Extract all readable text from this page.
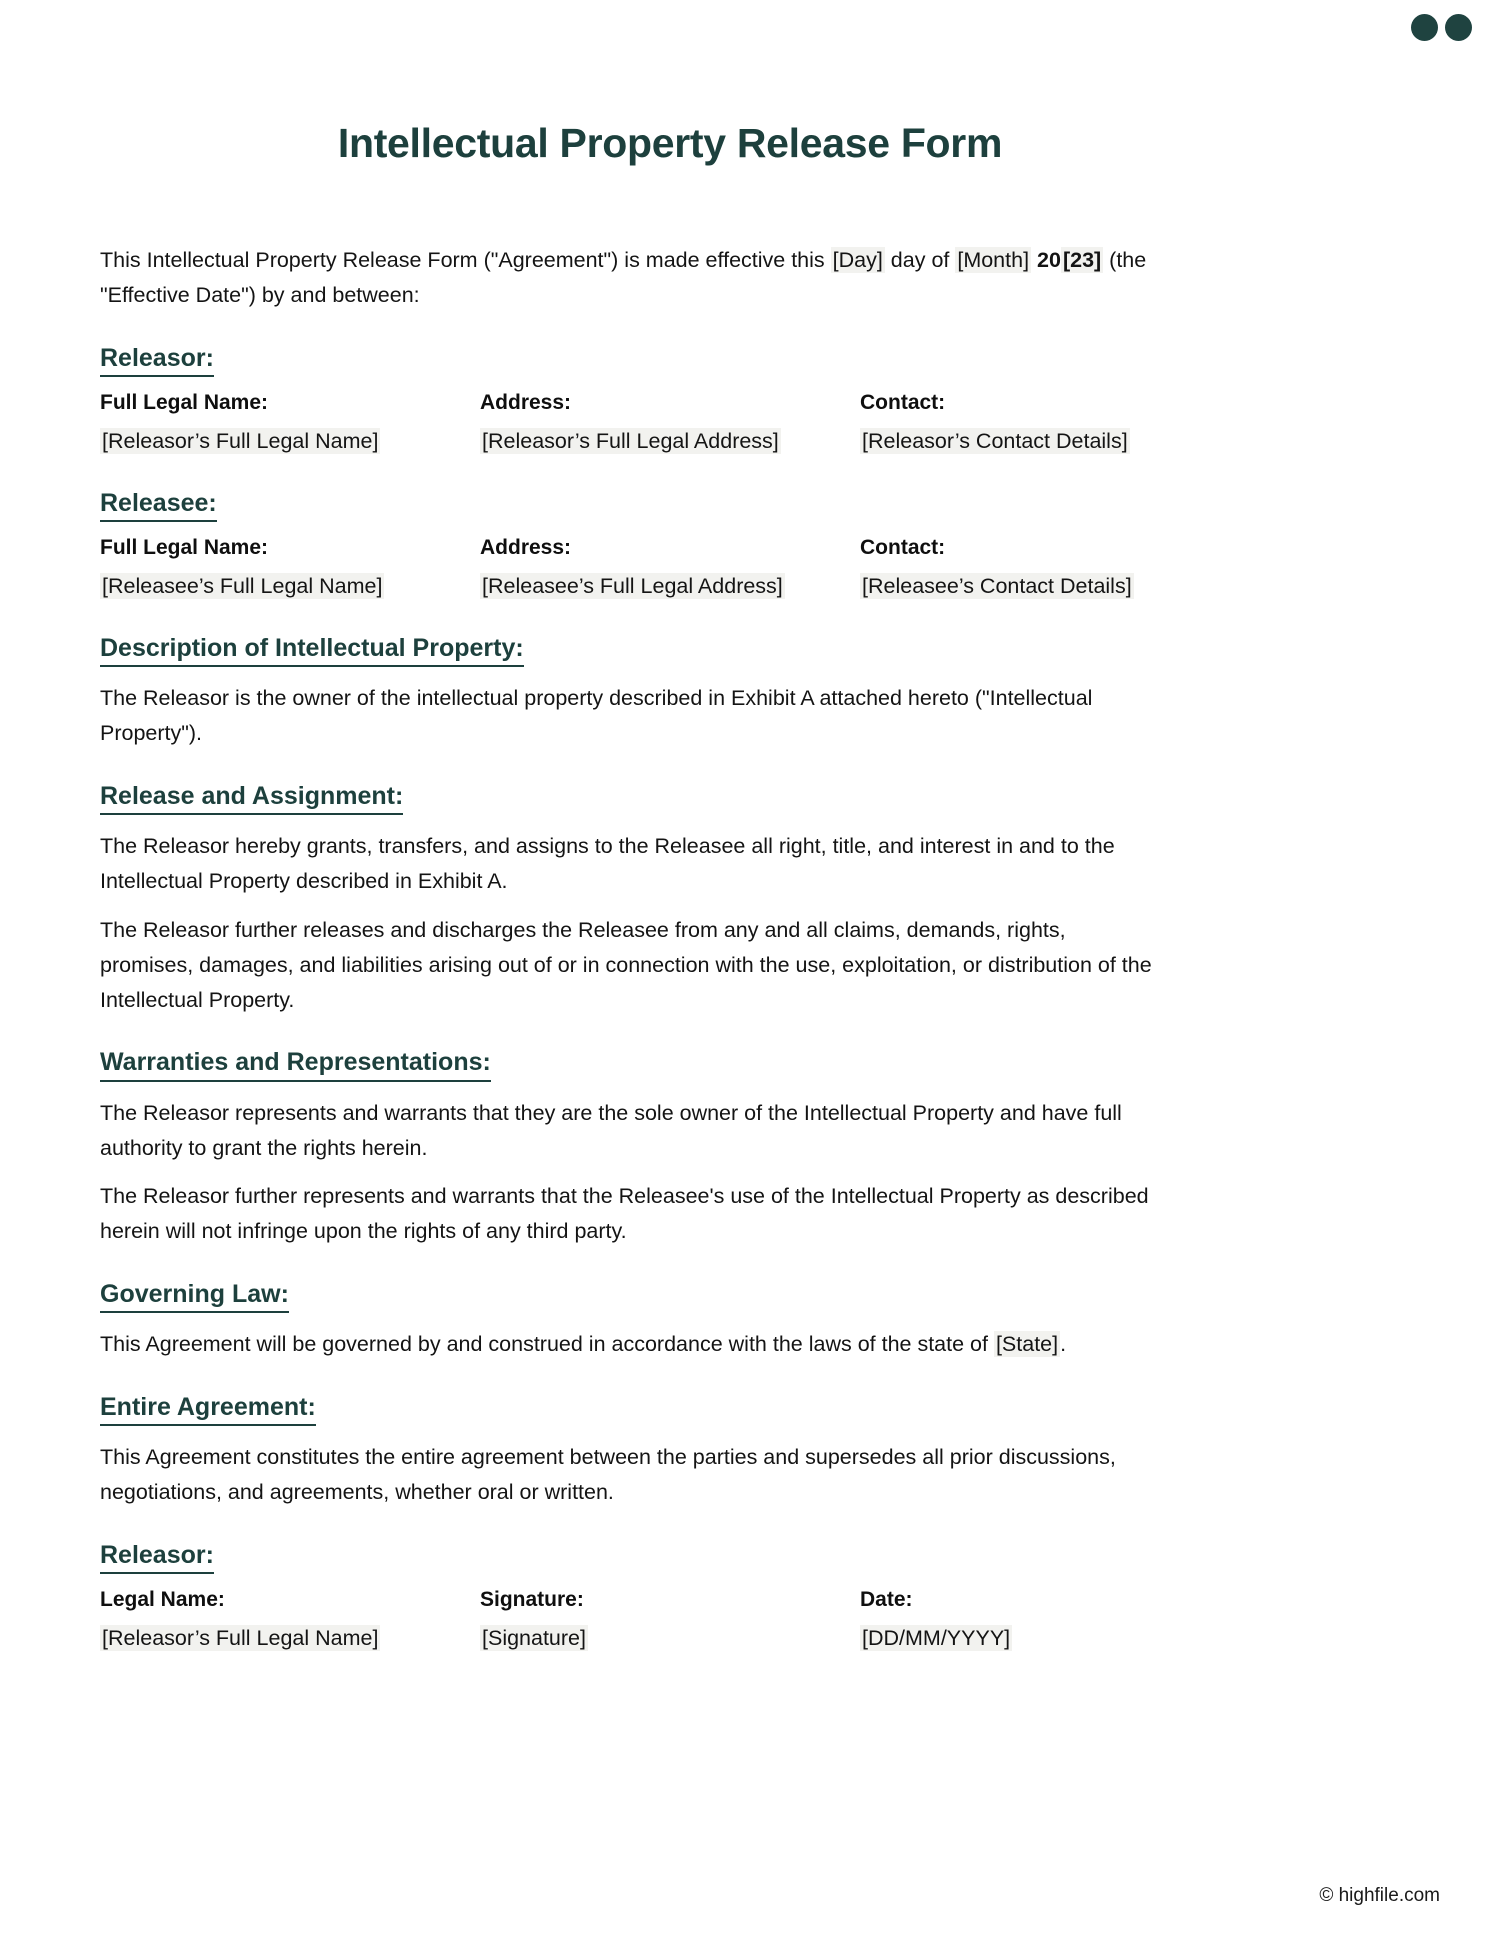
Intellectual Property Release Form

This Intellectual Property Release Form ("Agreement") is made effective this [Day] day of [Month] 20[23] (the "Effective Date") by and between:

Releasor:
Full Legal Name:	Address:	Contact:
[Releasor’s Full Legal Name]	[Releasor’s Full Legal Address]	[Releasor’s Contact Details]
Releasee:
Full Legal Name:	Address:	Contact:
[Releasee’s Full Legal Name]	[Releasee’s Full Legal Address]	[Releasee’s Contact Details]
Description of Intellectual Property:

The Releasor is the owner of the intellectual property described in Exhibit A attached hereto ("Intellectual Property").

Release and Assignment:

The Releasor hereby grants, transfers, and assigns to the Releasee all right, title, and interest in and to the Intellectual Property described in Exhibit A.

The Releasor further releases and discharges the Releasee from any and all claims, demands, rights, promises, damages, and liabilities arising out of or in connection with the use, exploitation, or distribution of the Intellectual Property.

Warranties and Representations:

The Releasor represents and warrants that they are the sole owner of the Intellectual Property and have full authority to grant the rights herein.

The Releasor further represents and warrants that the Releasee's use of the Intellectual Property as described herein will not infringe upon the rights of any third party.

Governing Law:

This Agreement will be governed by and construed in accordance with the laws of the state of [State].

Entire Agreement:

This Agreement constitutes the entire agreement between the parties and supersedes all prior discussions, negotiations, and agreements, whether oral or written.

Releasor:
Legal Name:	Signature:	Date:
[Releasor’s Full Legal Name]	[Signature]	[DD/MM/YYYY]
© highfile.com
